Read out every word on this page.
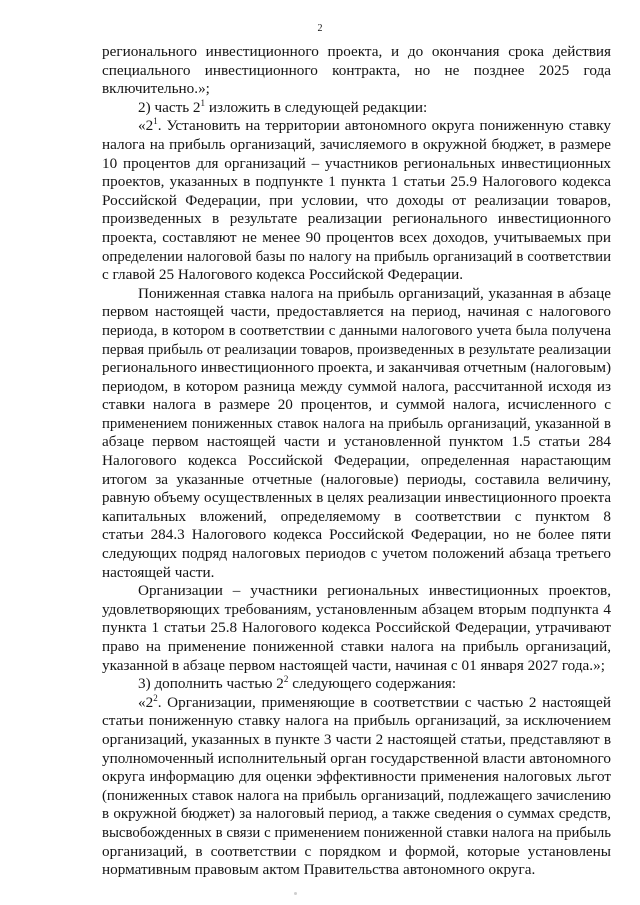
2
регионального инвестиционного проекта, и до окончания срока действия
специального инвестиционного контракта, но не позднее 2025 года
включительно.»;
2) часть $2^1$ изложить в следующей редакции:
«$2^1$. Установить на территории автономного округа пониженную ставку
налога на прибыль организаций, зачисляемого в окружной бюджет, в размере
10 процентов для организаций – участников региональных инвестиционных
проектов, указанных в подпункте 1 пункта 1 статьи 25.9 Налогового кодекса
Российской Федерации, при условии, что доходы от реализации товаров,
произведенных в результате реализации регионального инвестиционного
проекта, составляют не менее 90 процентов всех доходов, учитываемых при
определении налоговой базы по налогу на прибыль организаций в соответствии
с главой 25 Налогового кодекса Российской Федерации.
Пониженная ставка налога на прибыль организаций, указанная в абзаце
первом настоящей части, предоставляется на период, начиная с налогового
периода, в котором в соответствии с данными налогового учета была получена
первая прибыль от реализации товаров, произведенных в результате реализации
регионального инвестиционного проекта, и заканчивая отчетным (налоговым)
периодом, в котором разница между суммой налога, рассчитанной исходя из
ставки налога в размере 20 процентов, и суммой налога, исчисленного с
применением пониженных ставок налога на прибыль организаций, указанной в
абзаце первом настоящей части и установленной пунктом 1.5 статьи 284
Налогового кодекса Российской Федерации, определенная нарастающим
итогом за указанные отчетные (налоговые) периоды, составила величину,
равную объему осуществленных в целях реализации инвестиционного проекта
капитальных вложений, определяемому в соответствии с пунктом 8
статьи 284.3 Налогового кодекса Российской Федерации, но не более пяти
следующих подряд налоговых периодов с учетом положений абзаца третьего
настоящей части.
Организации – участники региональных инвестиционных проектов,
удовлетворяющих требованиям, установленным абзацем вторым подпункта 4
пункта 1 статьи 25.8 Налогового кодекса Российской Федерации, утрачивают
право на применение пониженной ставки налога на прибыль организаций,
указанной в абзаце первом настоящей части, начиная с 01 января 2027 года.»;
3) дополнить частью $2^2$ следующего содержания:
«$2^2$. Организации, применяющие в соответствии с частью 2 настоящей
статьи пониженную ставку налога на прибыль организаций, за исключением
организаций, указанных в пункте 3 части 2 настоящей статьи, представляют в
уполномоченный исполнительный орган государственной власти автономного
округа информацию для оценки эффективности применения налоговых льгот
(пониженных ставок налога на прибыль организаций, подлежащего зачислению
в окружной бюджет) за налоговый период, а также сведения о суммах средств,
высвобожденных в связи с применением пониженной ставки налога на прибыль
организаций, в соответствии с порядком и формой, которые установлены
нормативным правовым актом Правительства автономного округа.
